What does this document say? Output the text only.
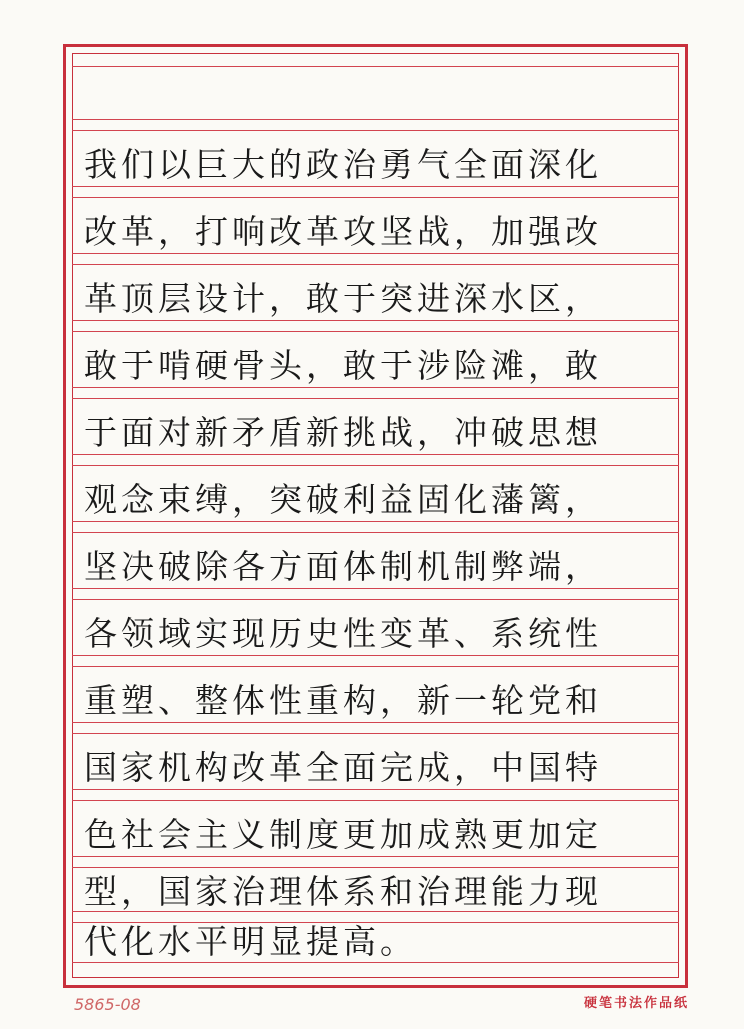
我们以巨大的政治勇气全面深化
改革，打响改革攻坚战，加强改
革顶层设计，敢于突进深水区，
敢于啃硬骨头，敢于涉险滩，敢
于面对新矛盾新挑战，冲破思想
观念束缚，突破利益固化藩篱，
坚决破除各方面体制机制弊端，
各领域实现历史性变革、系统性
重塑、整体性重构，新一轮党和
国家机构改革全面完成，中国特
色社会主义制度更加成熟更加定
型，国家治理体系和治理能力现
代化水平明显提高。
5865-08	硬笔书法作品纸
